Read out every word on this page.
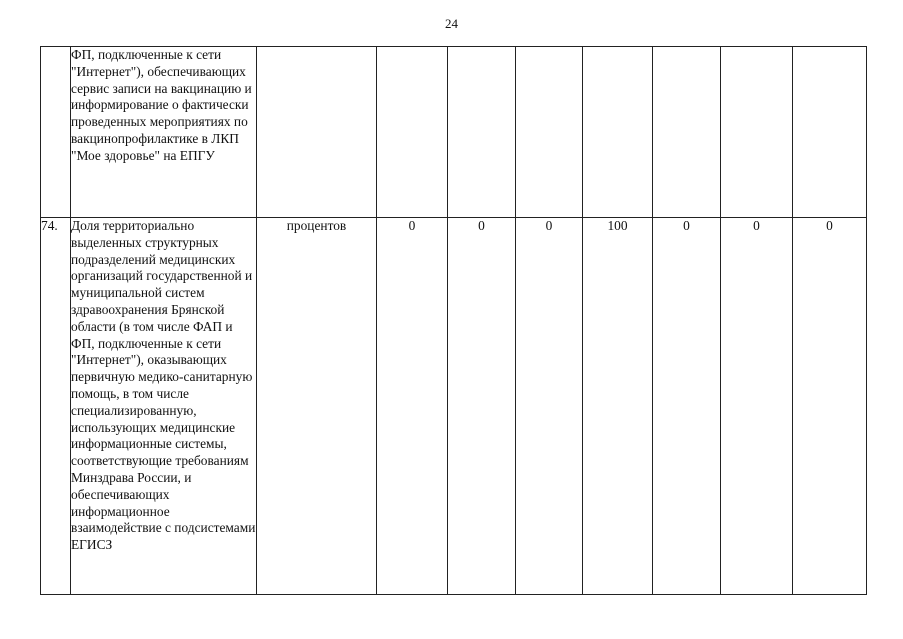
24
	ФП, подключенные к сети "Интернет"), обеспечивающих сервис записи на вакцинацию и информирование о фактически проведенных мероприятиях по вакцинопрофилактике в ЛКП "Мое здоровье" на ЕПГУ								
74.	Доля территориально выделенных структурных подразделений медицинских организаций государственной и муниципальной систем здравоохранения Брянской области (в том числе ФАП и ФП, подключенные к сети "Интернет"), оказывающих первичную медико-санитарную помощь, в том числе специализированную, использующих медицинские информационные системы, соответствующие требованиям Минздрава России, и обеспечивающих информационное взаимодействие с подсистемами ЕГИСЗ	процентов	0	0	0	100	0	0	0
